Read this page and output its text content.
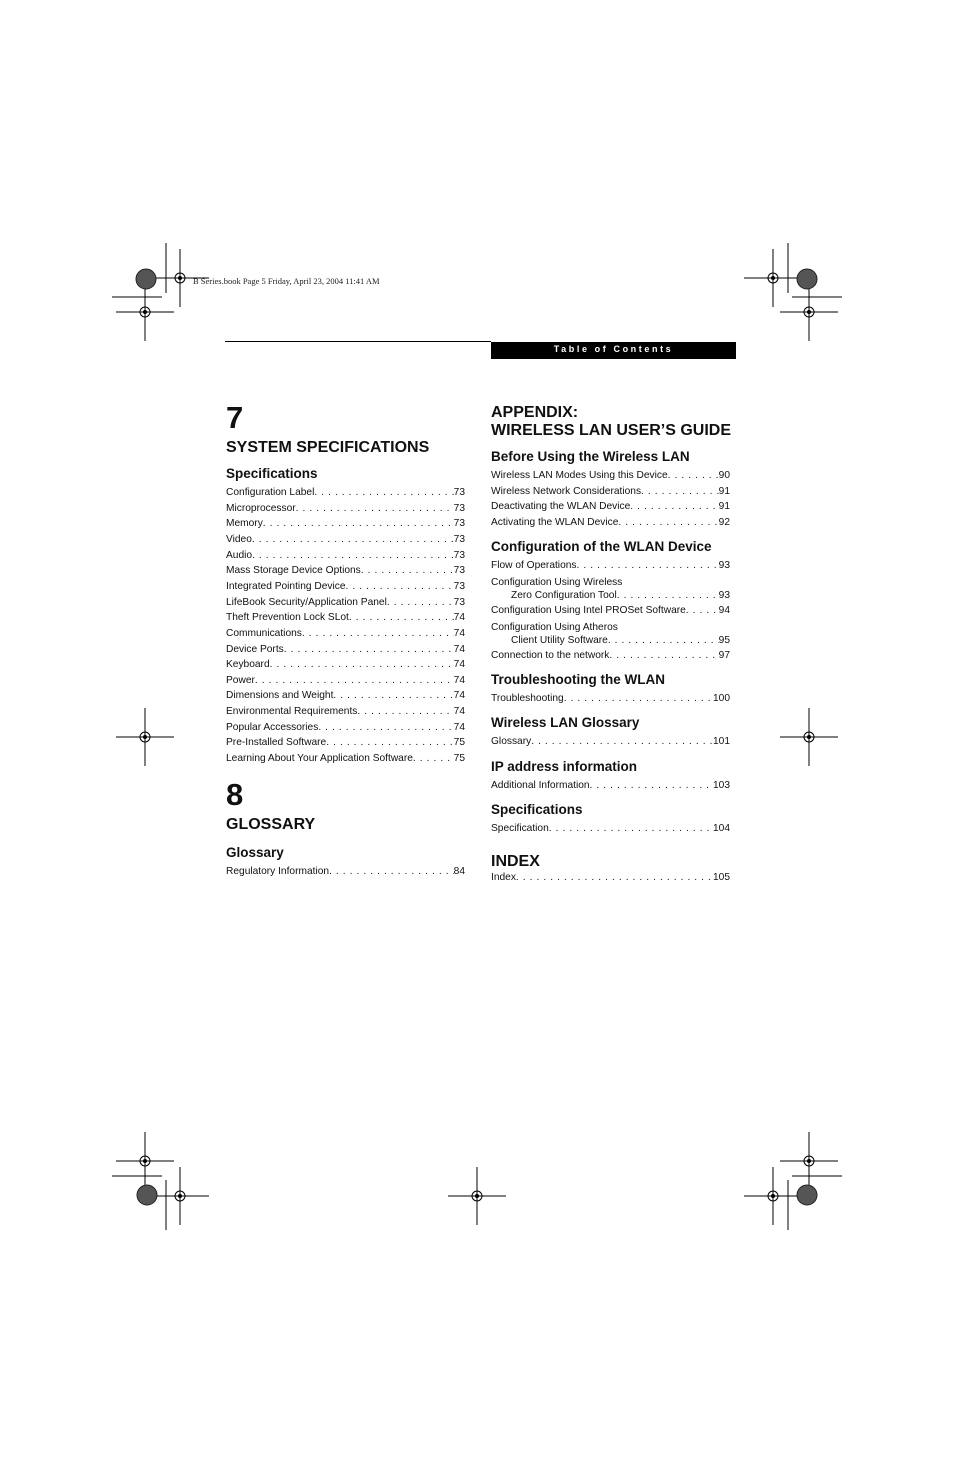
B Series.book Page 5 Friday, April 23, 2004 11:41 AM
Table of Contents
7
SYSTEM SPECIFICATIONS
Specifications
Configuration Label . . .	73
Microprocessor . . .	73
Memory . . .	73
Video . . .	73
Audio . . .	73
Mass Storage Device Options . . .	73
Integrated Pointing Device . . .	73
LifeBook Security/Application Panel . . .	73
Theft Prevention Lock SLot . . .	74
Communications . . .	74
Device Ports . . .	74
Keyboard . . .	74
Power . . .	74
Dimensions and Weight . . .	74
Environmental Requirements . . .	74
Popular Accessories . . .	74
Pre-Installed Software . . .	75
Learning About Your Application Software . . .	75
8
GLOSSARY
Glossary
Regulatory Information . . .	84
APPENDIX:
WIRELESS LAN USER’S GUIDE
Before Using the Wireless LAN
Wireless LAN Modes Using this Device . . .	90
Wireless Network Considerations . . .	91
Deactivating the WLAN Device . . .	91
Activating the WLAN Device . . .	92
Configuration of the WLAN Device
Flow of Operations . . .	93
Configuration Using Wireless
Zero Configuration Tool . . .	93
Configuration Using Intel PROSet Software . . .	94
Configuration Using Atheros
Client Utility Software . . .	95
Connection to the network . . .	97
Troubleshooting the WLAN
Troubleshooting . . .	100
Wireless LAN Glossary
Glossary . . .	101
IP address information
Additional Information . . .	103
Specifications
Specification . . .	104
INDEX
Index . . .	105
